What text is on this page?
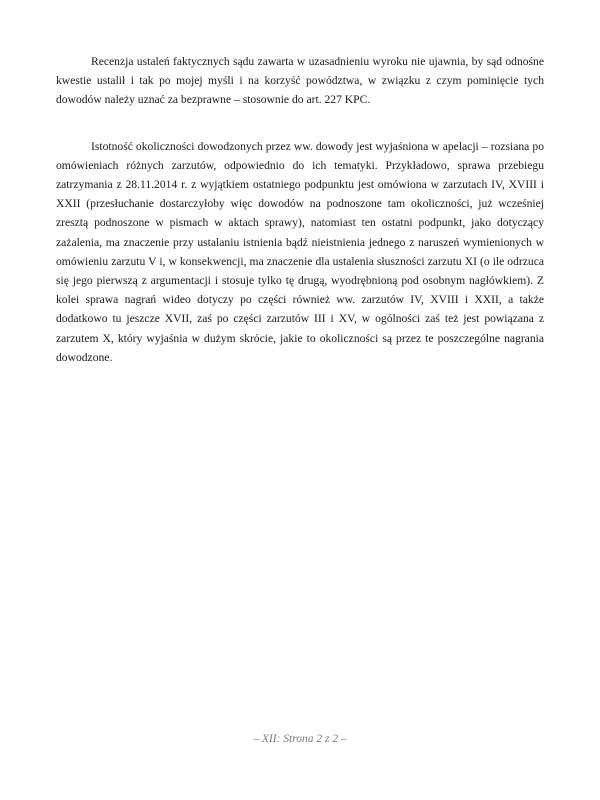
Recenzja ustaleń faktycznych sądu zawarta w uzasadnieniu wyroku nie ujawnia, by sąd odnośne kwestie ustalił i tak po mojej myśli i na korzyść powództwa, w związku z czym pominięcie tych dowodów należy uznać za bezprawne – stosownie do art. 227 KPC.

Istotność okoliczności dowodzonych przez ww. dowody jest wyjaśniona w apelacji – rozsiana po omówieniach różnych zarzutów, odpowiednio do ich tematyki. Przykładowo, sprawa przebiegu zatrzymania z 28.11.2014 r. z wyjątkiem ostatniego podpunktu jest omówiona w zarzutach IV, XVIII i XXII (przesłuchanie dostarczyłoby więc dowodów na podnoszone tam okoliczności, już wcześniej zresztą podnoszone w pismach w aktach sprawy), natomiast ten ostatni podpunkt, jako dotyczący zażalenia, ma znaczenie przy ustalaniu istnienia bądź nieistnienia jednego z naruszeń wymienionych w omówieniu zarzutu V i, w konsekwencji, ma znaczenie dla ustalenia słuszności zarzutu XI (o ile odrzuca się jego pierwszą z argumentacji i stosuje tylko tę drugą, wyodrębnioną pod osobnym nagłówkiem). Z kolei sprawa nagrań wideo dotyczy po części również ww. zarzutów IV, XVIII i XXII, a także dodatkowo tu jeszcze XVII, zaś po części zarzutów III i XV, w ogólności zaś też jest powiązana z zarzutem X, który wyjaśnia w dużym skrócie, jakie to okoliczności są przez te poszczególne nagrania dowodzone.

– XII: Strona 2 z 2 –
